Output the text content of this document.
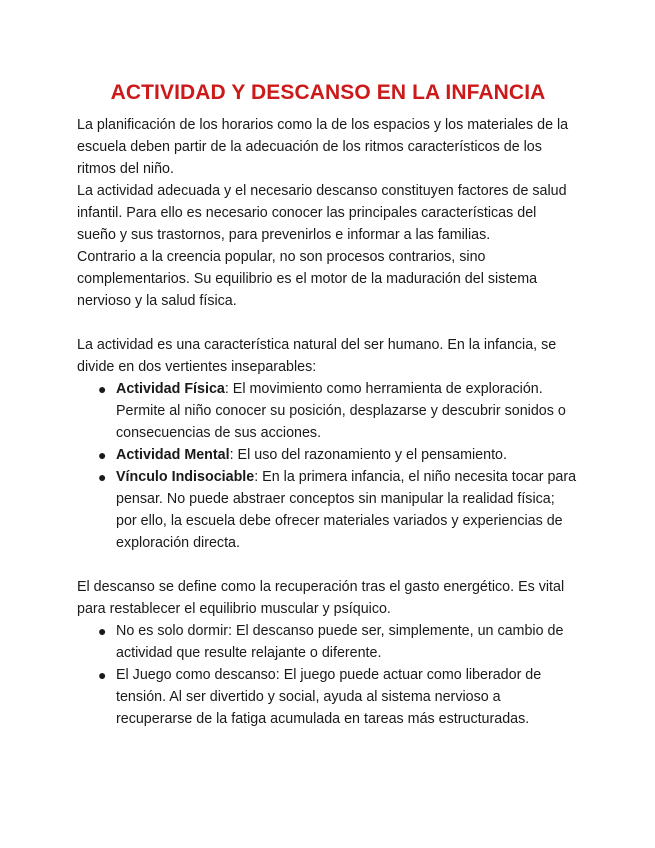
ACTIVIDAD Y DESCANSO EN LA INFANCIA

La planificación de los horarios como la de los espacios y los materiales de la escuela deben partir de la adecuación de los ritmos característicos de los ritmos del niño.

La actividad adecuada y el necesario descanso constituyen factores de salud infantil. Para ello es necesario conocer las principales características del sueño y sus trastornos, para prevenirlos e informar a las familias.

Contrario a la creencia popular, no son procesos contrarios, sino complementarios. Su equilibrio es el motor de la maduración del sistema nervioso y la salud física.

La actividad es una característica natural del ser humano. En la infancia, se divide en dos vertientes inseparables:

● Actividad Física: El movimiento como herramienta de exploración. Permite al niño conocer su posición, desplazarse y descubrir sonidos o consecuencias de sus acciones.
● Actividad Mental: El uso del razonamiento y el pensamiento.
● Vínculo Indisociable: En la primera infancia, el niño necesita tocar para pensar. No puede abstraer conceptos sin manipular la realidad física; por ello, la escuela debe ofrecer materiales variados y experiencias de exploración directa.

El descanso se define como la recuperación tras el gasto energético. Es vital para restablecer el equilibrio muscular y psíquico.

● No es solo dormir: El descanso puede ser, simplemente, un cambio de actividad que resulte relajante o diferente.
● El Juego como descanso: El juego puede actuar como liberador de tensión. Al ser divertido y social, ayuda al sistema nervioso a recuperarse de la fatiga acumulada en tareas más estructuradas.
